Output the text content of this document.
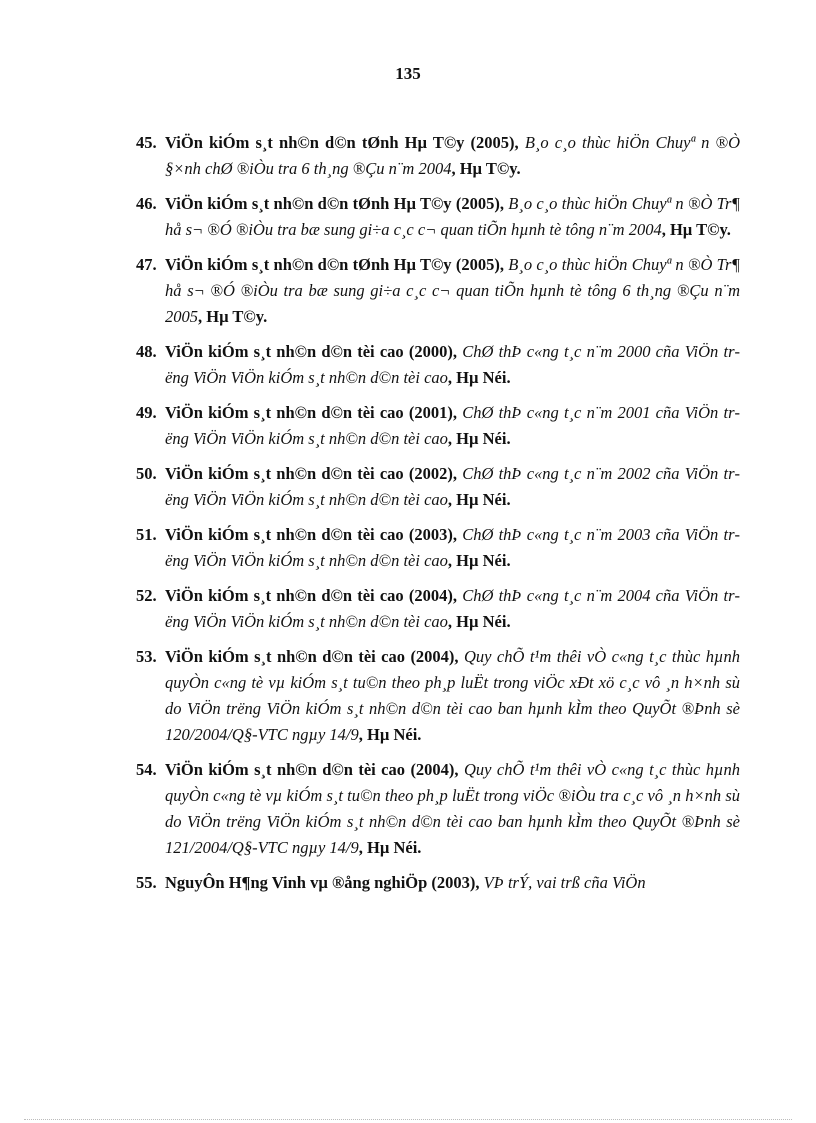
135
45. ViÖn kiÓm s¸t nh©n d©n tØnh Hµ T©y (2005), B¸o c¸o thùc hiÖn Chuyª n ®Ò §×nh chØ ®iÒu tra 6 th¸ng ®Çu n¨m 2004, Hµ T©y.
46. ViÖn kiÓm s¸t nh©n d©n tØnh Hµ T©y (2005), B¸o c¸o thùc hiÖn Chuyª n ®Ò Tr¶ hå s¬ ®Ó ®iÒu tra bæ sung gi÷a c¸c c¬ quan tiÕn hµnh tè tông n¨m 2004, Hµ T©y.
47. ViÖn kiÓm s¸t nh©n d©n tØnh Hµ T©y (2005), B¸o c¸o thùc hiÖn Chuyª n ®Ò Tr¶ hå s¬ ®Ó ®iÒu tra bæ sung gi÷a c¸c c¬ quan tiÕn hµnh tè tông 6 th¸ng ®Çu n¨m 2005, Hµ T©y.
48. ViÖn kiÓm s¸t nh©n d©n tèi cao (2000), ChØ thÞ c«ng t¸c n¨m 2000 cña ViÖn trëng ViÖn ViÖn kiÓm s¸t nh©n d©n tèi cao, Hµ Néi.
49. ViÖn kiÓm s¸t nh©n d©n tèi cao (2001), ChØ thÞ c«ng t¸c n¨m 2001 cña ViÖn trëng ViÖn ViÖn kiÓm s¸t nh©n d©n tèi cao, Hµ Néi.
50. ViÖn kiÓm s¸t nh©n d©n tèi cao (2002), ChØ thÞ c«ng t¸c n¨m 2002 cña ViÖn trëng ViÖn ViÖn kiÓm s¸t nh©n d©n tèi cao, Hµ Néi.
51. ViÖn kiÓm s¸t nh©n d©n tèi cao (2003), ChØ thÞ c«ng t¸c n¨m 2003 cña ViÖn trëng ViÖn ViÖn kiÓm s¸t nh©n d©n tèi cao, Hµ Néi.
52. ViÖn kiÓm s¸t nh©n d©n tèi cao (2004), ChØ thÞ c«ng t¸c n¨m 2004 cña ViÖn trëng ViÖn ViÖn kiÓm s¸t nh©n d©n tèi cao, Hµ Néi.
53. ViÖn kiÓm s¸t nh©n d©n tèi cao (2004), Quy chÕ t¹m thêi vÒ c«ng t¸c thùc hµnh quyÒn c«ng tè vµ kiÓm s¸t tu©n theo ph¸p luËt trong viÖc xÐt xö c¸c vô ¸n h×nh sù do ViÖn trëng ViÖn kiÓm s¸t nh©n d©n tèi cao ban hµnh kÌm theo QuyÕt ®Þnh sè 120/2004/Q§-VTC ngµy 14/9, Hµ Néi.
54. ViÖn kiÓm s¸t nh©n d©n tèi cao (2004), Quy chÕ t¹m thêi vÒ c«ng t¸c thùc hµnh quyÒn c«ng tè vµ kiÓm s¸t tu©n theo ph¸p luËt trong viÖc ®iÒu tra c¸c vô ¸n h×nh sù do ViÖn trëng ViÖn kiÓm s¸t nh©n d©n tèi cao ban hµnh kÌm theo QuyÕt ®Þnh sè 121/2004/Q§-VTC ngµy 14/9, Hµ Néi.
55. NguyÔn H¶ng Vinh vµ ®ång nghiÖp (2003), VÞ trÝ, vai trß cña ViÖn
